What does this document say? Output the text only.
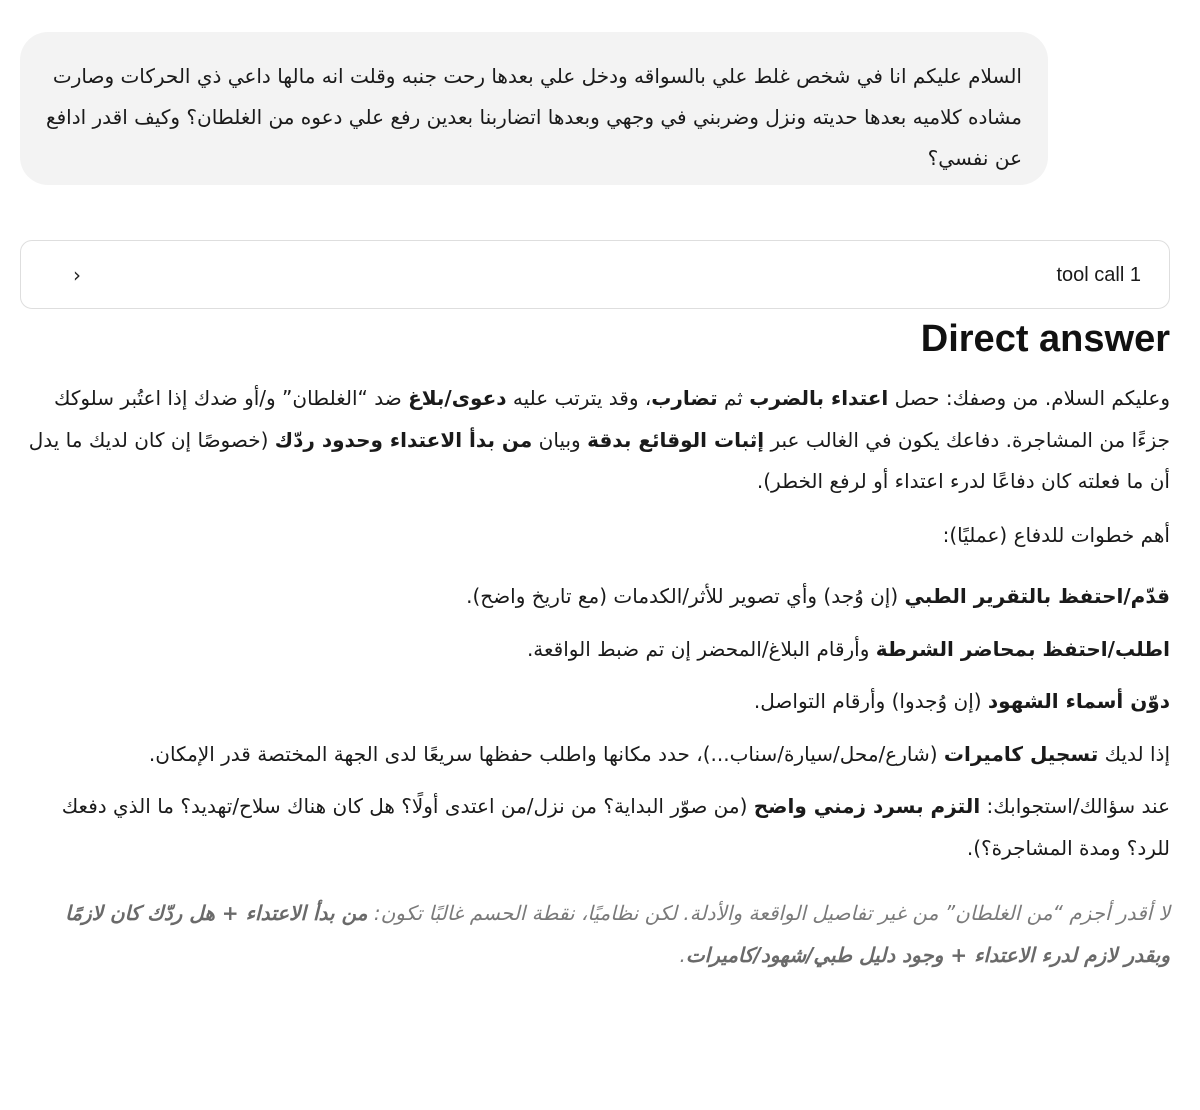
السلام عليكم انا في شخص غلط علي بالسواقه ودخل علي بعدها رحت جنبه وقلت انه مالها داعي ذي الحركات وصارت مشاده كلاميه بعدها حديته ونزل وضربني في وجهي وبعدها اتضاربنا بعدين رفع علي دعوه من الغلطان؟ وكيف اقدر ادافع عن نفسي؟
›	tool call 1
Direct answer

وعليكم السلام. من وصفك: حصل اعتداء بالضرب ثم تضارب، وقد يترتب عليه دعوى/بلاغ ضد “الغلطان” و/أو ضدك إذا اعتُبر سلوكك جزءًا من المشاجرة. دفاعك يكون في الغالب عبر إثبات الوقائع بدقة وبيان من بدأ الاعتداء وحدود ردّك (خصوصًا إن كان لديك ما يدل أن ما فعلته كان دفاعًا لدرء اعتداء أو لرفع الخطر).

أهم خطوات للدفاع (عمليًا):

قدّم/احتفظ بالتقرير الطبي (إن وُجد) وأي تصوير للأثر/الكدمات (مع تاريخ واضح).

اطلب/احتفظ بمحاضر الشرطة وأرقام البلاغ/المحضر إن تم ضبط الواقعة.

دوّن أسماء الشهود (إن وُجدوا) وأرقام التواصل.

إذا لديك تسجيل كاميرات (شارع/محل/سيارة/سناب...)، حدد مكانها واطلب حفظها سريعًا لدى الجهة المختصة قدر الإمكان.

عند سؤالك/استجوابك: التزم بسرد زمني واضح (من صوّر البداية؟ من نزل/من اعتدى أولًا؟ هل كان هناك سلاح/تهديد؟ ما الذي دفعك للرد؟ ومدة المشاجرة؟).

لا أقدر أجزم “من الغلطان” من غير تفاصيل الواقعة والأدلة. لكن نظاميًا، نقطة الحسم غالبًا تكون: من بدأ الاعتداء + هل ردّك كان لازمًا وبقدر لازم لدرء الاعتداء + وجود دليل طبي/شهود/كاميرات.
